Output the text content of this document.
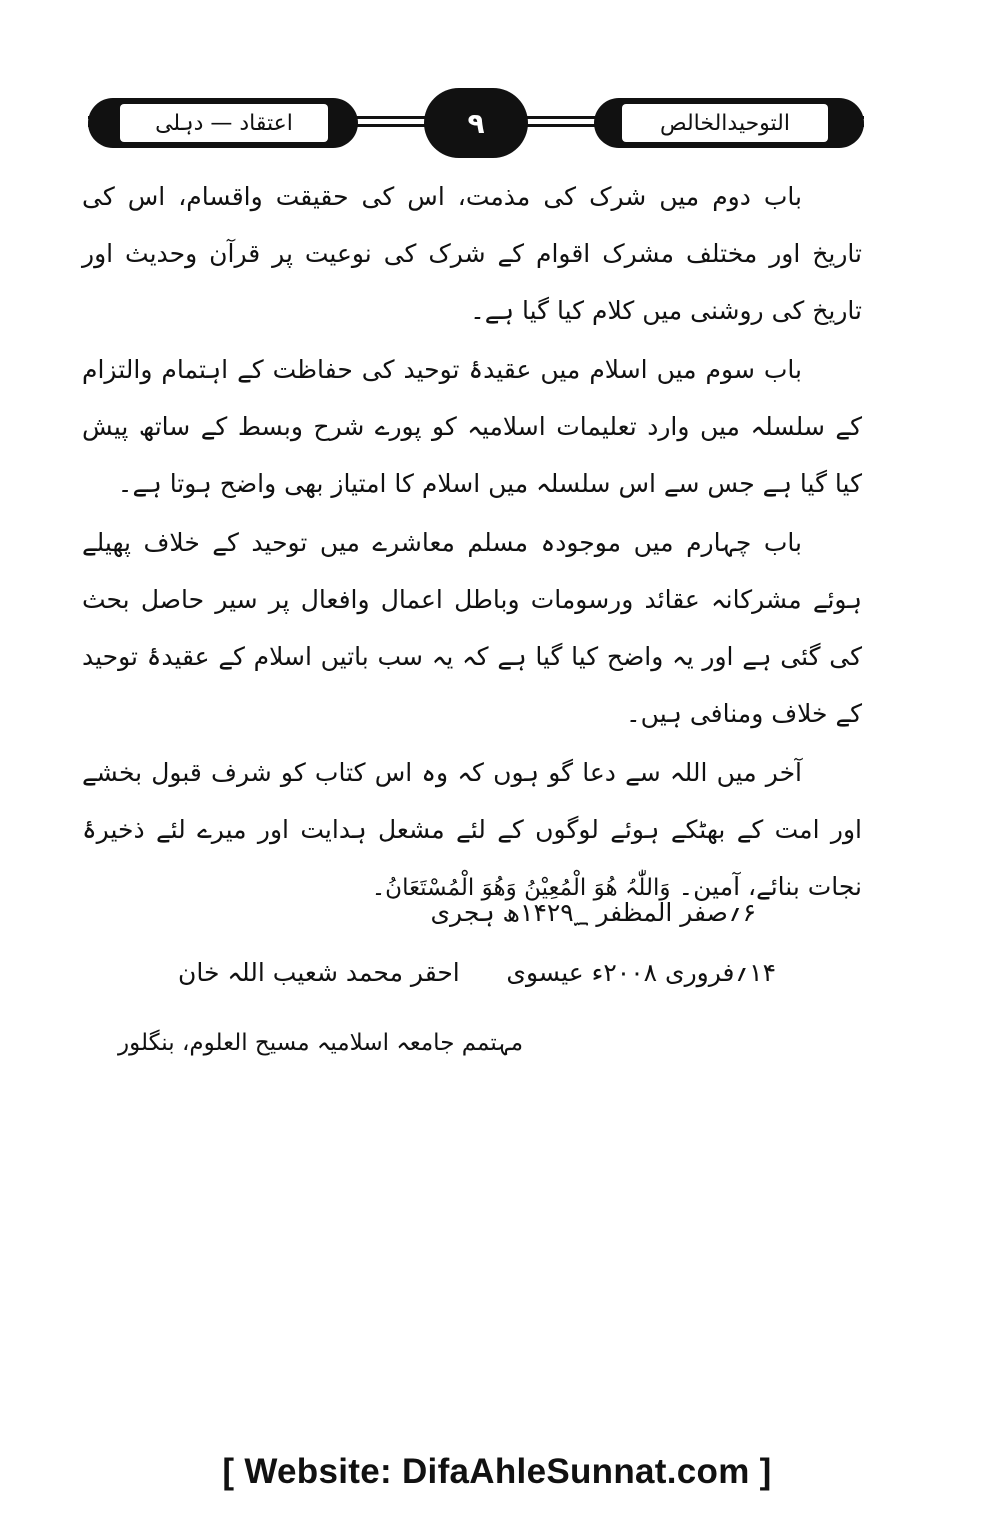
اعتقاد — دہلی	۹	التوحیدالخالص

باب دوم میں شرک کی مذمت، اس کی حقیقت واقسام، اس کی تاریخ اور مختلف مشرک اقوام کے شرک کی نوعیت پر قرآن وحدیث اور تاریخ کی روشنی میں کلام کیا گیا ہے۔

باب سوم میں اسلام میں عقیدۂ توحید کی حفاظت کے اہتمام والتزام کے سلسلہ میں وارد تعلیمات اسلامیہ کو پورے شرح وبسط کے ساتھ پیش کیا گیا ہے جس سے اس سلسلہ میں اسلام کا امتیاز بھی واضح ہوتا ہے۔

باب چہارم میں موجودہ مسلم معاشرے میں توحید کے خلاف پھیلے ہوئے مشرکانہ عقائد ورسومات وباطل اعمال وافعال پر سیر حاصل بحث کی گئی ہے اور یہ واضح کیا گیا ہے کہ یہ سب باتیں اسلام کے عقیدۂ توحید کے خلاف ومنافی ہیں۔

آخر میں اللہ سے دعا گو ہوں کہ وہ اس کتاب کو شرف قبول بخشے اور امت کے بھٹکے ہوئے لوگوں کے لئے مشعل ہدایت اور میرے لئے ذخیرۂ نجات بنائے، آمین۔ وَاللّٰہُ ھُوَ الْمُعِیْنُ وَھُوَ الْمُسْتَعَانُ۔

۶؍صفر المظفر ۱۴۲۹؁ھ ہجری
۱۴؍فروری ۲۰۰۸ء عیسوی
احقر محمد شعیب اللہ خان
مہتمم جامعہ اسلامیہ مسیح العلوم، بنگلور
[ Website: DifaAhleSunnat.com ]
